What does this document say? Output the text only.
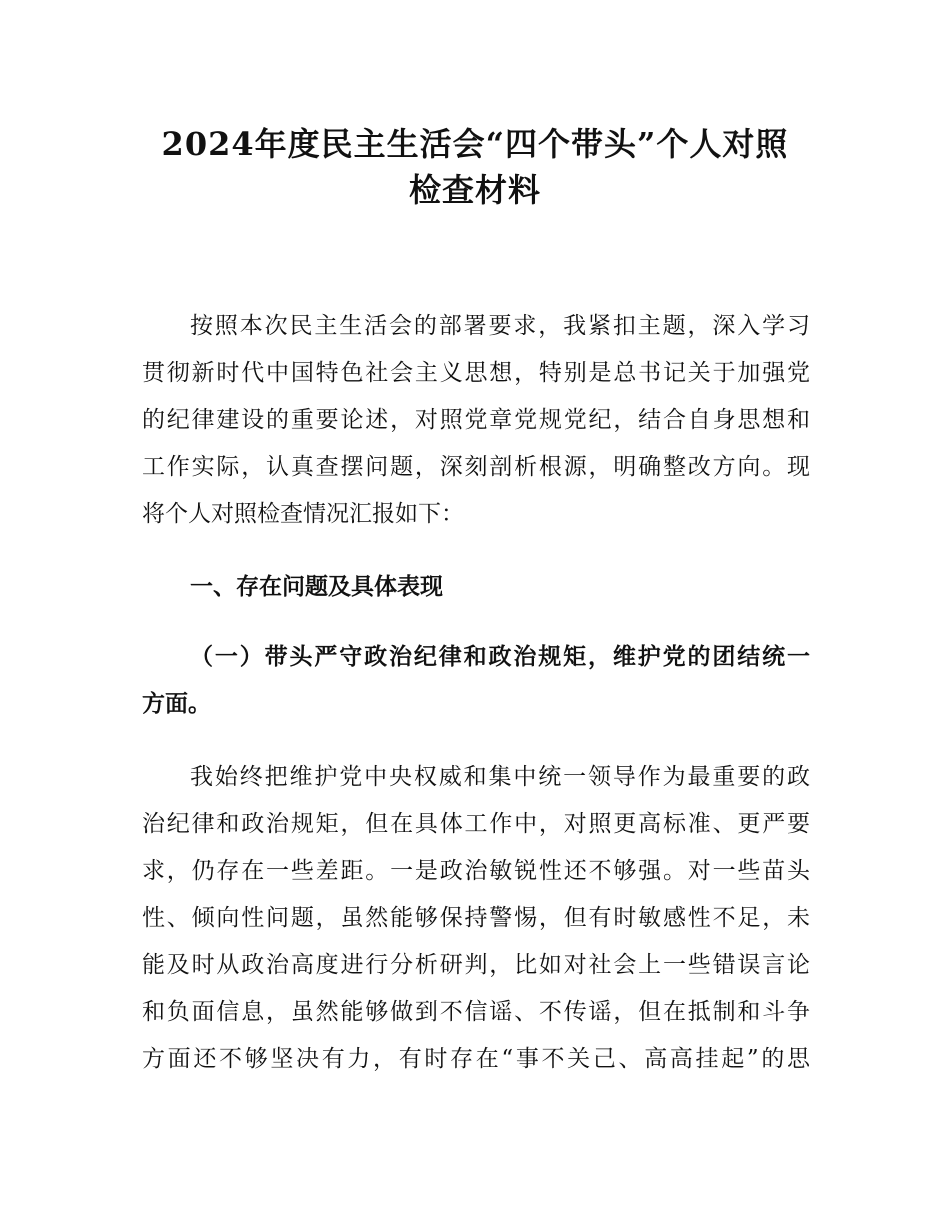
2024年度民主生活会“四个带头”个人对照
检查材料
按照本次民主生活会的部署要求，我紧扣主题，深入学习
贯彻新时代中国特色社会主义思想，特别是总书记关于加强党
的纪律建设的重要论述，对照党章党规党纪，结合自身思想和
工作实际，认真查摆问题，深刻剖析根源，明确整改方向。现
将个人对照检查情况汇报如下：
一、存在问题及具体表现
（一）带头严守政治纪律和政治规矩，维护党的团结统一
方面。
我始终把维护党中央权威和集中统一领导作为最重要的政
治纪律和政治规矩，但在具体工作中，对照更高标准、更严要
求，仍存在一些差距。一是政治敏锐性还不够强。对一些苗头
性、倾向性问题，虽然能够保持警惕，但有时敏感性不足，未
能及时从政治高度进行分析研判，比如对社会上一些错误言论
和负面信息，虽然能够做到不信谣、不传谣，但在抵制和斗争
方面还不够坚决有力，有时存在“事不关己、高高挂起”的思
